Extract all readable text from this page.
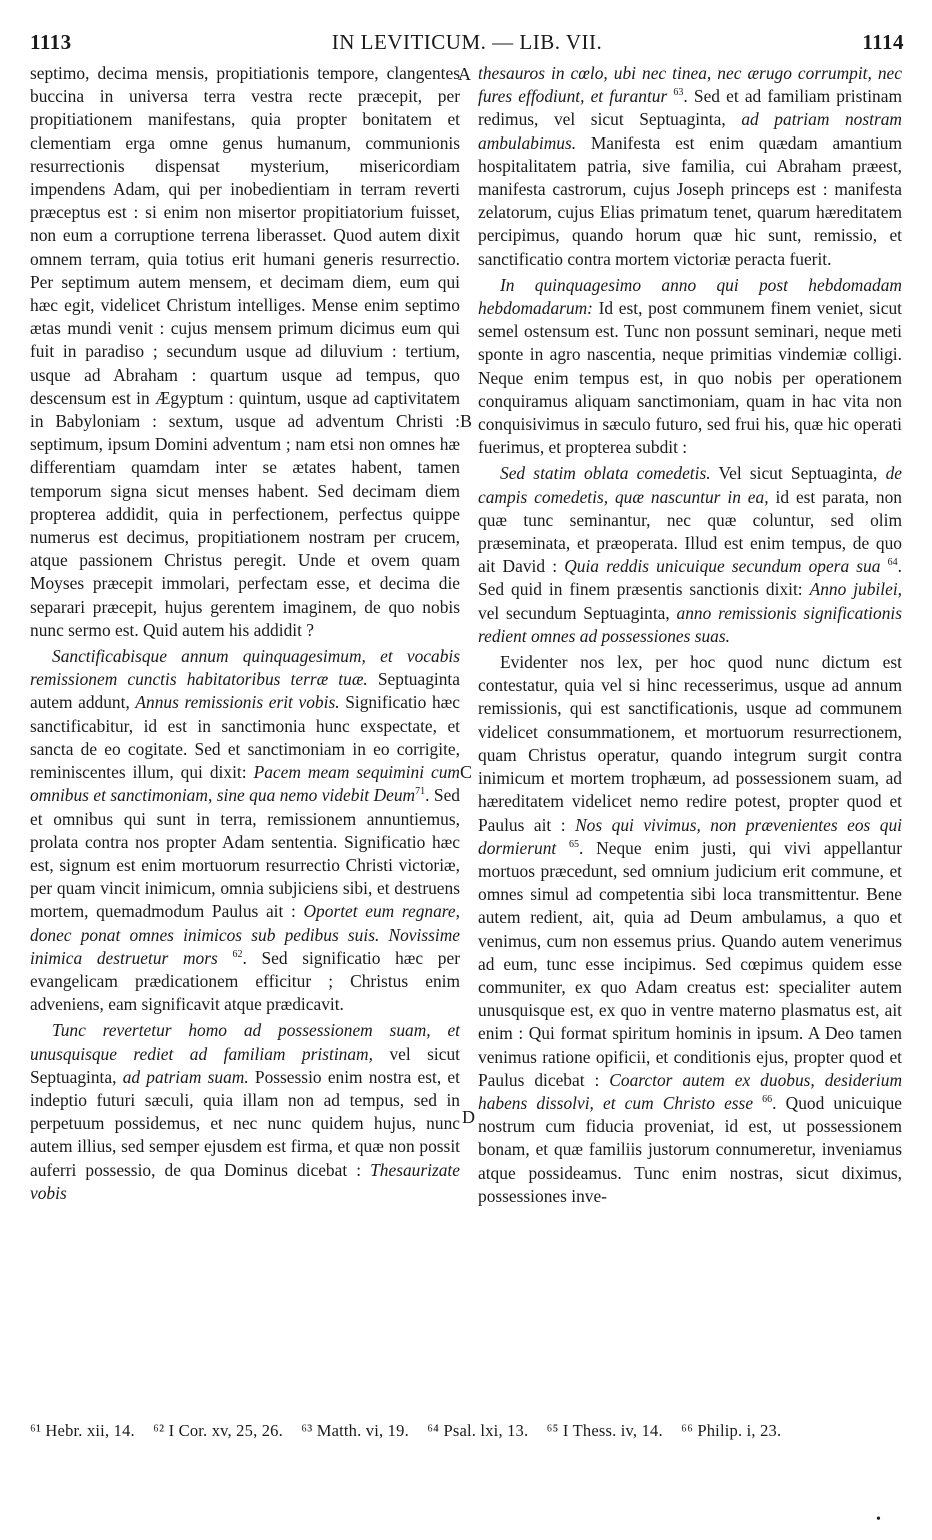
1113	IN LEVITICUM. — LIB. VII.	1114
A
B
C
D

septimo, decima mensis, propitiationis tempore, clangentes buccina in universa terra vestra recte præcepit, per propitiationem manifestans, quia propter bonitatem et clementiam erga omne genus humanum, communionis resurrectionis dispensat mysterium, misericordiam impendens Adam, qui per inobedientiam in terram reverti præceptus est : si enim non misertor propitiatorium fuisset, non eum a corruptione terrena liberasset. Quod autem dixit omnem terram, quia totius erit humani generis resurrectio. Per septimum autem mensem, et decimam diem, eum qui hæc egit, videlicet Christum intelliges. Mense enim septimo ætas mundi venit : cujus mensem primum dicimus eum qui fuit in paradiso ; secundum usque ad diluvium : tertium, usque ad Abraham : quartum usque ad tempus, quo descensum est in Ægyptum : quintum, usque ad captivitatem in Babyloniam : sextum, usque ad adventum Christi : septimum, ipsum Domini adventum ; nam etsi non omnes hæ differentiam quamdam inter se ætates habent, tamen temporum signa sicut menses habent. Sed decimam diem propterea addidit, quia in perfectionem, perfectus quippe numerus est decimus, propitiationem nostram per crucem, atque passionem Christus peregit. Unde et ovem quam Moyses præcepit immolari, perfectam esse, et decima die separari præcepit, hujus gerentem imaginem, de quo nobis nunc sermo est. Quid autem his addidit ?

Sanctificabisque annum quinquagesimum, et vocabis remissionem cunctis habitatoribus terræ tuæ. Septuaginta autem addunt, Annus remissionis erit vobis. Significatio hæc sanctificabitur, id est in sanctimonia hunc exspectate, et sancta de eo cogitate. Sed et sanctimoniam in eo corrigite, reminiscentes illum, qui dixit: Pacem meam sequimini cum omnibus et sanctimoniam, sine qua nemo videbit Deum$^{71}$. Sed et omnibus qui sunt in terra, remissionem annuntiemus, prolata contra nos propter Adam sententia. Significatio hæc est, signum est enim mortuorum resurrectio Christi victoriæ, per quam vincit inimicum, omnia subjiciens sibi, et destruens mortem, quemadmodum Paulus ait : Oportet eum regnare, donec ponat omnes inimicos sub pedibus suis. Novissime inimica destruetur mors $^{62}$. Sed significatio hæc per evangelicam prædicationem efficitur ; Christus enim adveniens, eam significavit atque prædicavit.

Tunc revertetur homo ad possessionem suam, et unusquisque rediet ad familiam pristinam, vel sicut Septuaginta, ad patriam suam. Possessio enim nostra est, et indeptio futuri sæculi, quia illam non ad tempus, sed in perpetuum possidemus, et nec nunc quidem hujus, nunc autem illius, sed semper ejusdem est firma, et quæ non possit auferri possessio, de qua Dominus dicebat : Thesaurizate vobis

thesauros in cœlo, ubi nec tinea, nec ærugo corrumpit, nec fures effodiunt, et furantur $^{63}$. Sed et ad familiam pristinam redimus, vel sicut Septuaginta, ad patriam nostram ambulabimus. Manifesta est enim quædam amantium hospitalitatem patria, sive familia, cui Abraham præest, manifesta castrorum, cujus Joseph princeps est : manifesta zelatorum, cujus Elias primatum tenet, quarum hæreditatem percipimus, quando horum quæ hic sunt, remissio, et sanctificatio contra mortem victoriæ peracta fuerit.

In quinquagesimo anno qui post hebdomadam hebdomadarum: Id est, post communem finem veniet, sicut semel ostensum est. Tunc non possunt seminari, neque meti sponte in agro nascentia, neque primitias vindemiæ colligi. Neque enim tempus est, in quo nobis per operationem conquiramus aliquam sanctimoniam, quam in hac vita non conquisivimus in sæculo futuro, sed frui his, quæ hic operati fuerimus, et propterea subdit :

Sed statim oblata comedetis. Vel sicut Septuaginta, de campis comedetis, quæ nascuntur in ea, id est parata, non quæ tunc seminantur, nec quæ coluntur, sed olim præseminata, et præoperata. Illud est enim tempus, de quo ait David : Quia reddis unicuique secundum opera sua $^{64}$. Sed quid in finem præsentis sanctionis dixit: Anno jubilei, vel secundum Septuaginta, anno remissionis significationis redient omnes ad possessiones suas.

Evidenter nos lex, per hoc quod nunc dictum est contestatur, quia vel si hinc recesserimus, usque ad annum remissionis, qui est sanctificationis, usque ad communem videlicet consummationem, et mortuorum resurrectionem, quam Christus operatur, quando integrum surgit contra inimicum et mortem trophæum, ad possessionem suam, ad hæreditatem videlicet nemo redire potest, propter quod et Paulus ait : Nos qui vivimus, non prævenientes eos qui dormierunt $^{65}$. Neque enim justi, qui vivi appellantur mortuos præcedunt, sed omnium judicium erit commune, et omnes simul ad competentia sibi loca transmittentur. Bene autem redient, ait, quia ad Deum ambulamus, a quo et venimus, cum non essemus prius. Quando autem venerimus ad eum, tunc esse incipimus. Sed cœpimus quidem esse communiter, ex quo Adam creatus est: specialiter autem unusquisque est, ex quo in ventre materno plasmatus est, ait enim : Qui format spiritum hominis in ipsum. A Deo tamen venimus ratione opificii, et conditionis ejus, propter quod et Paulus dicebat : Coarctor autem ex duobus, desiderium habens dissolvi, et cum Christo esse $^{66}$. Quod unicuique nostrum cum fiducia proveniat, id est, ut possessionem bonam, et quæ familiis justorum connumeretur, inveniamus atque possideamus. Tunc enim nostras, sicut diximus, possessiones inve-

⁶¹ Hebr. xii, 14. ⁶² I Cor. xv, 25, 26. ⁶³ Matth. vi, 19. ⁶⁴ Psal. lxi, 13. ⁶⁵ I Thess. iv, 14. ⁶⁶ Philip. i, 23.
•
